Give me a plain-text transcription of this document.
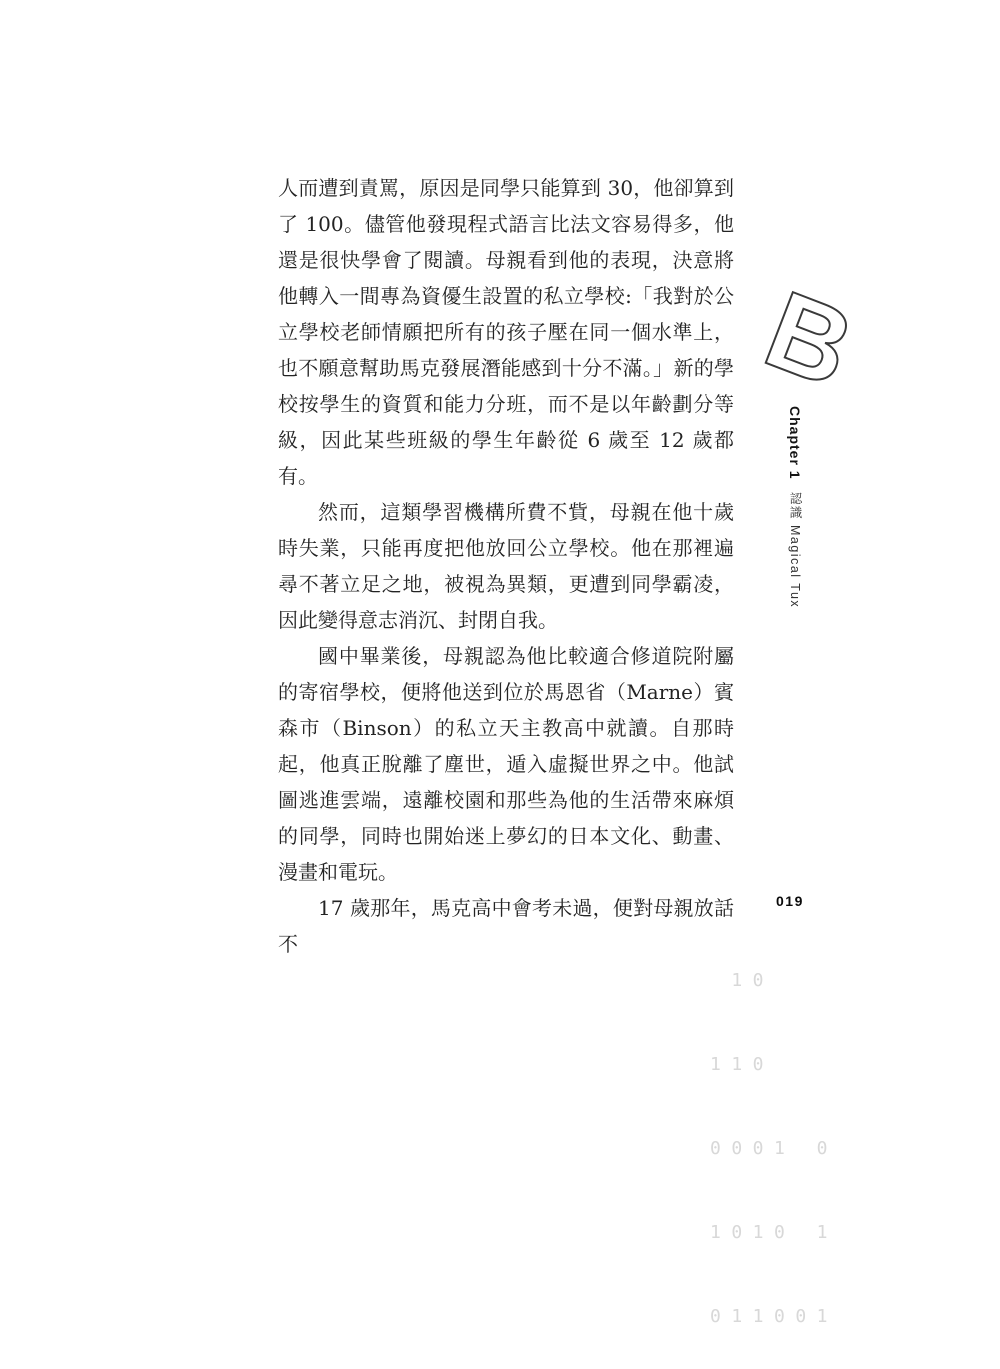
人而遭到責罵，原因是同學只能算到 30，他卻算到了 100。儘管他發現程式語言比法文容易得多，他還是很快學會了閱讀。母親看到他的表現，決意將他轉入一間專為資優生設置的私立學校:「我對於公立學校老師情願把所有的孩子壓在同一個水準上，也不願意幫助馬克發展潛能感到十分不滿。」新的學校按學生的資質和能力分班，而不是以年齡劃分等級，因此某些班級的學生年齡從 6 歲至 12 歲都有。

然而，這類學習機構所費不貲，母親在他十歲時失業，只能再度把他放回公立學校。他在那裡遍尋不著立足之地，被視為異類，更遭到同學霸凌，因此變得意志消沉、封閉自我。

國中畢業後，母親認為他比較適合修道院附屬的寄宿學校，便將他送到位於馬恩省（Marne）賓森市（Binson）的私立天主教高中就讀。自那時起，他真正脫離了塵世，遁入虛擬世界之中。他試圖逃進雲端，遠離校園和那些為他的生活帶來麻煩的同學，同時也開始迷上夢幻的日本文化、動畫、漫畫和電玩。

17 歲那年，馬克高中會考未過，便對母親放話不

B
Chapter 1
認識 Magical Tux

10

110

0001 0

1010 1

011001

019
